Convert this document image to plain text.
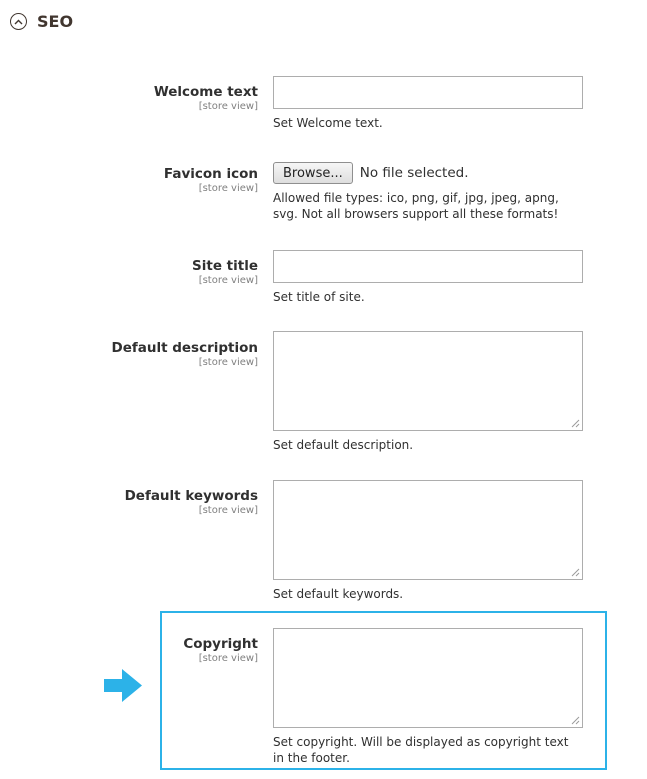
SEO
Welcome text
[store view]
Set Welcome text.
Favicon icon
[store view]
Browse...	No file selected.
Allowed file types: ico, png, gif, jpg, jpeg, apng, svg. Not all browsers support all these formats!
Site title
[store view]
Set title of site.
Default description
[store view]
Set default description.
Default keywords
[store view]
Set default keywords.
Copyright
[store view]
Set copyright. Will be displayed as copyright text in the footer.
